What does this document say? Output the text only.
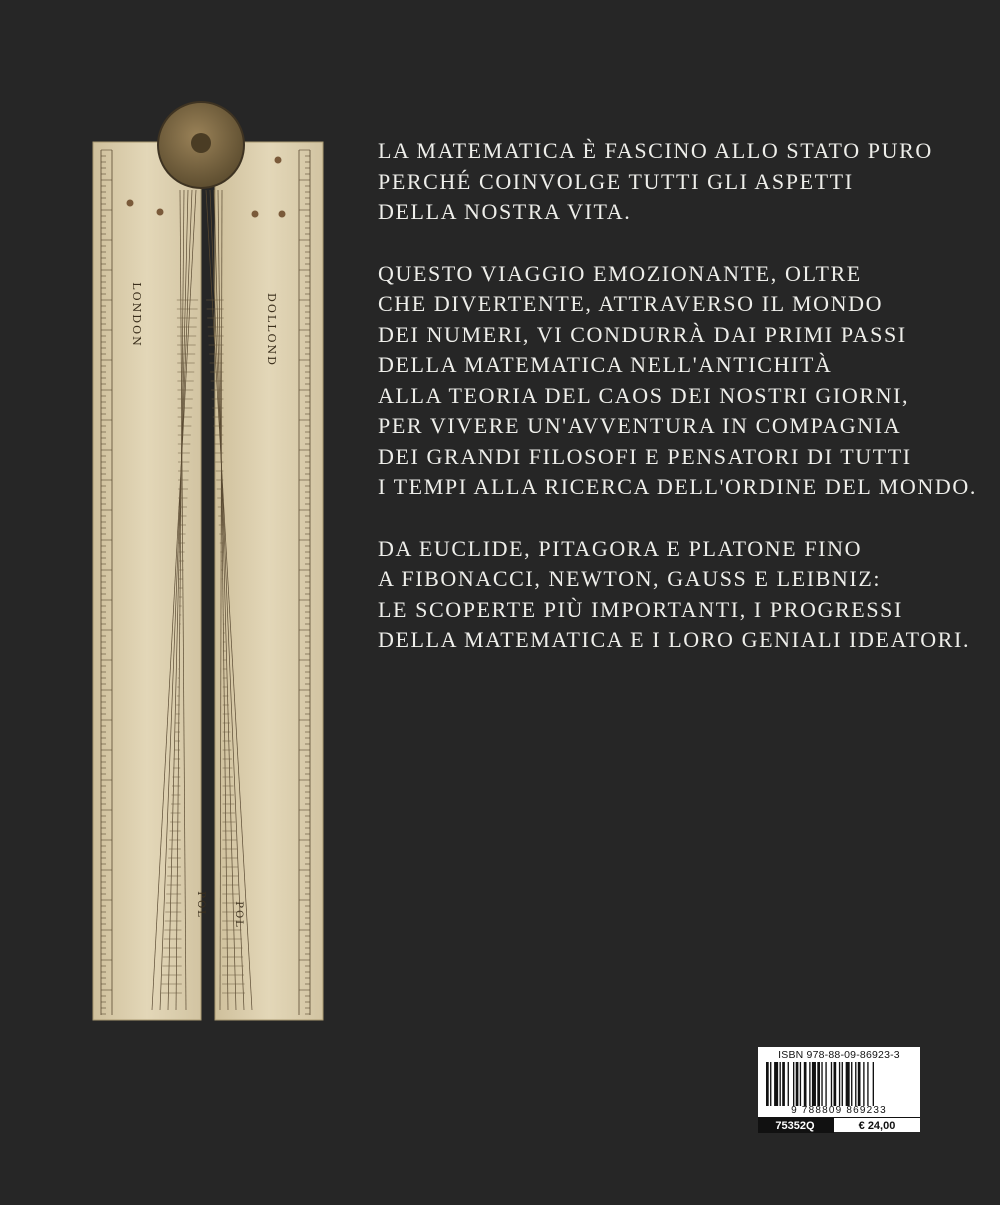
LONDON	DOLLOND
POL	POL
LA MATEMATICA È FASCINO ALLO STATO PURO
PERCHÉ COINVOLGE TUTTI GLI ASPETTI
DELLA NOSTRA VITA.
QUESTO VIAGGIO EMOZIONANTE, OLTRE
CHE DIVERTENTE, ATTRAVERSO IL MONDO
DEI NUMERI, VI CONDURRÀ DAI PRIMI PASSI
DELLA MATEMATICA NELL'ANTICHITÀ
ALLA TEORIA DEL CAOS DEI NOSTRI GIORNI,
PER VIVERE UN'AVVENTURA IN COMPAGNIA
DEI GRANDI FILOSOFI E PENSATORI DI TUTTI
I TEMPI ALLA RICERCA DELL'ORDINE DEL MONDO.
DA EUCLIDE, PITAGORA E PLATONE FINO
A FIBONACCI, NEWTON, GAUSS E LEIBNIZ:
LE SCOPERTE PIÙ IMPORTANTI, I PROGRESSI
DELLA MATEMATICA E I LORO GENIALI IDEATORI.
ISBN 978-88-09-86923-3
9 788809 869233
75352Q	€ 24,00
